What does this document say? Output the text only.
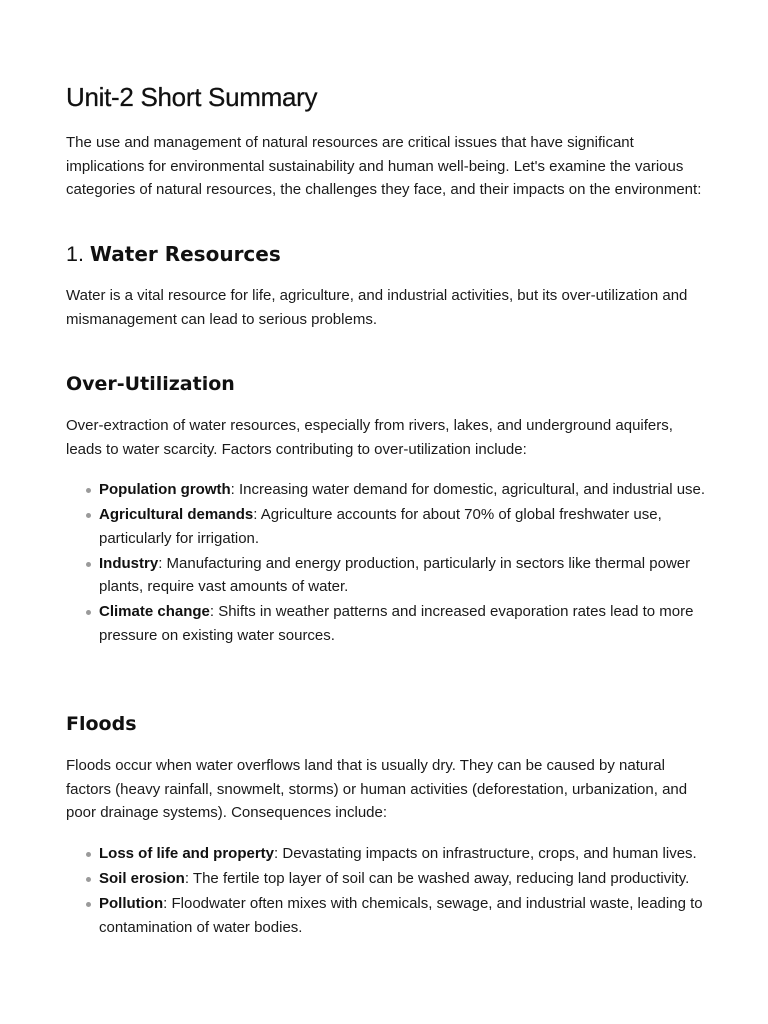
Unit-2 Short Summary

The use and management of natural resources are critical issues that have significant implications for environmental sustainability and human well-being. Let's examine the various categories of natural resources, the challenges they face, and their impacts on the environment:

1. Water Resources

Water is a vital resource for life, agriculture, and industrial activities, but its over-utilization and mismanagement can lead to serious problems.

Over-Utilization

Over-extraction of water resources, especially from rivers, lakes, and underground aquifers, leads to water scarcity. Factors contributing to over-utilization include:

Population growth: Increasing water demand for domestic, agricultural, and industrial use.
Agricultural demands: Agriculture accounts for about 70% of global freshwater use, particularly for irrigation.
Industry: Manufacturing and energy production, particularly in sectors like thermal power plants, require vast amounts of water.
Climate change: Shifts in weather patterns and increased evaporation rates lead to more pressure on existing water sources.
Floods

Floods occur when water overflows land that is usually dry. They can be caused by natural factors (heavy rainfall, snowmelt, storms) or human activities (deforestation, urbanization, and poor drainage systems). Consequences include:

Loss of life and property: Devastating impacts on infrastructure, crops, and human lives.
Soil erosion: The fertile top layer of soil can be washed away, reducing land productivity.
Pollution: Floodwater often mixes with chemicals, sewage, and industrial waste, leading to contamination of water bodies.
